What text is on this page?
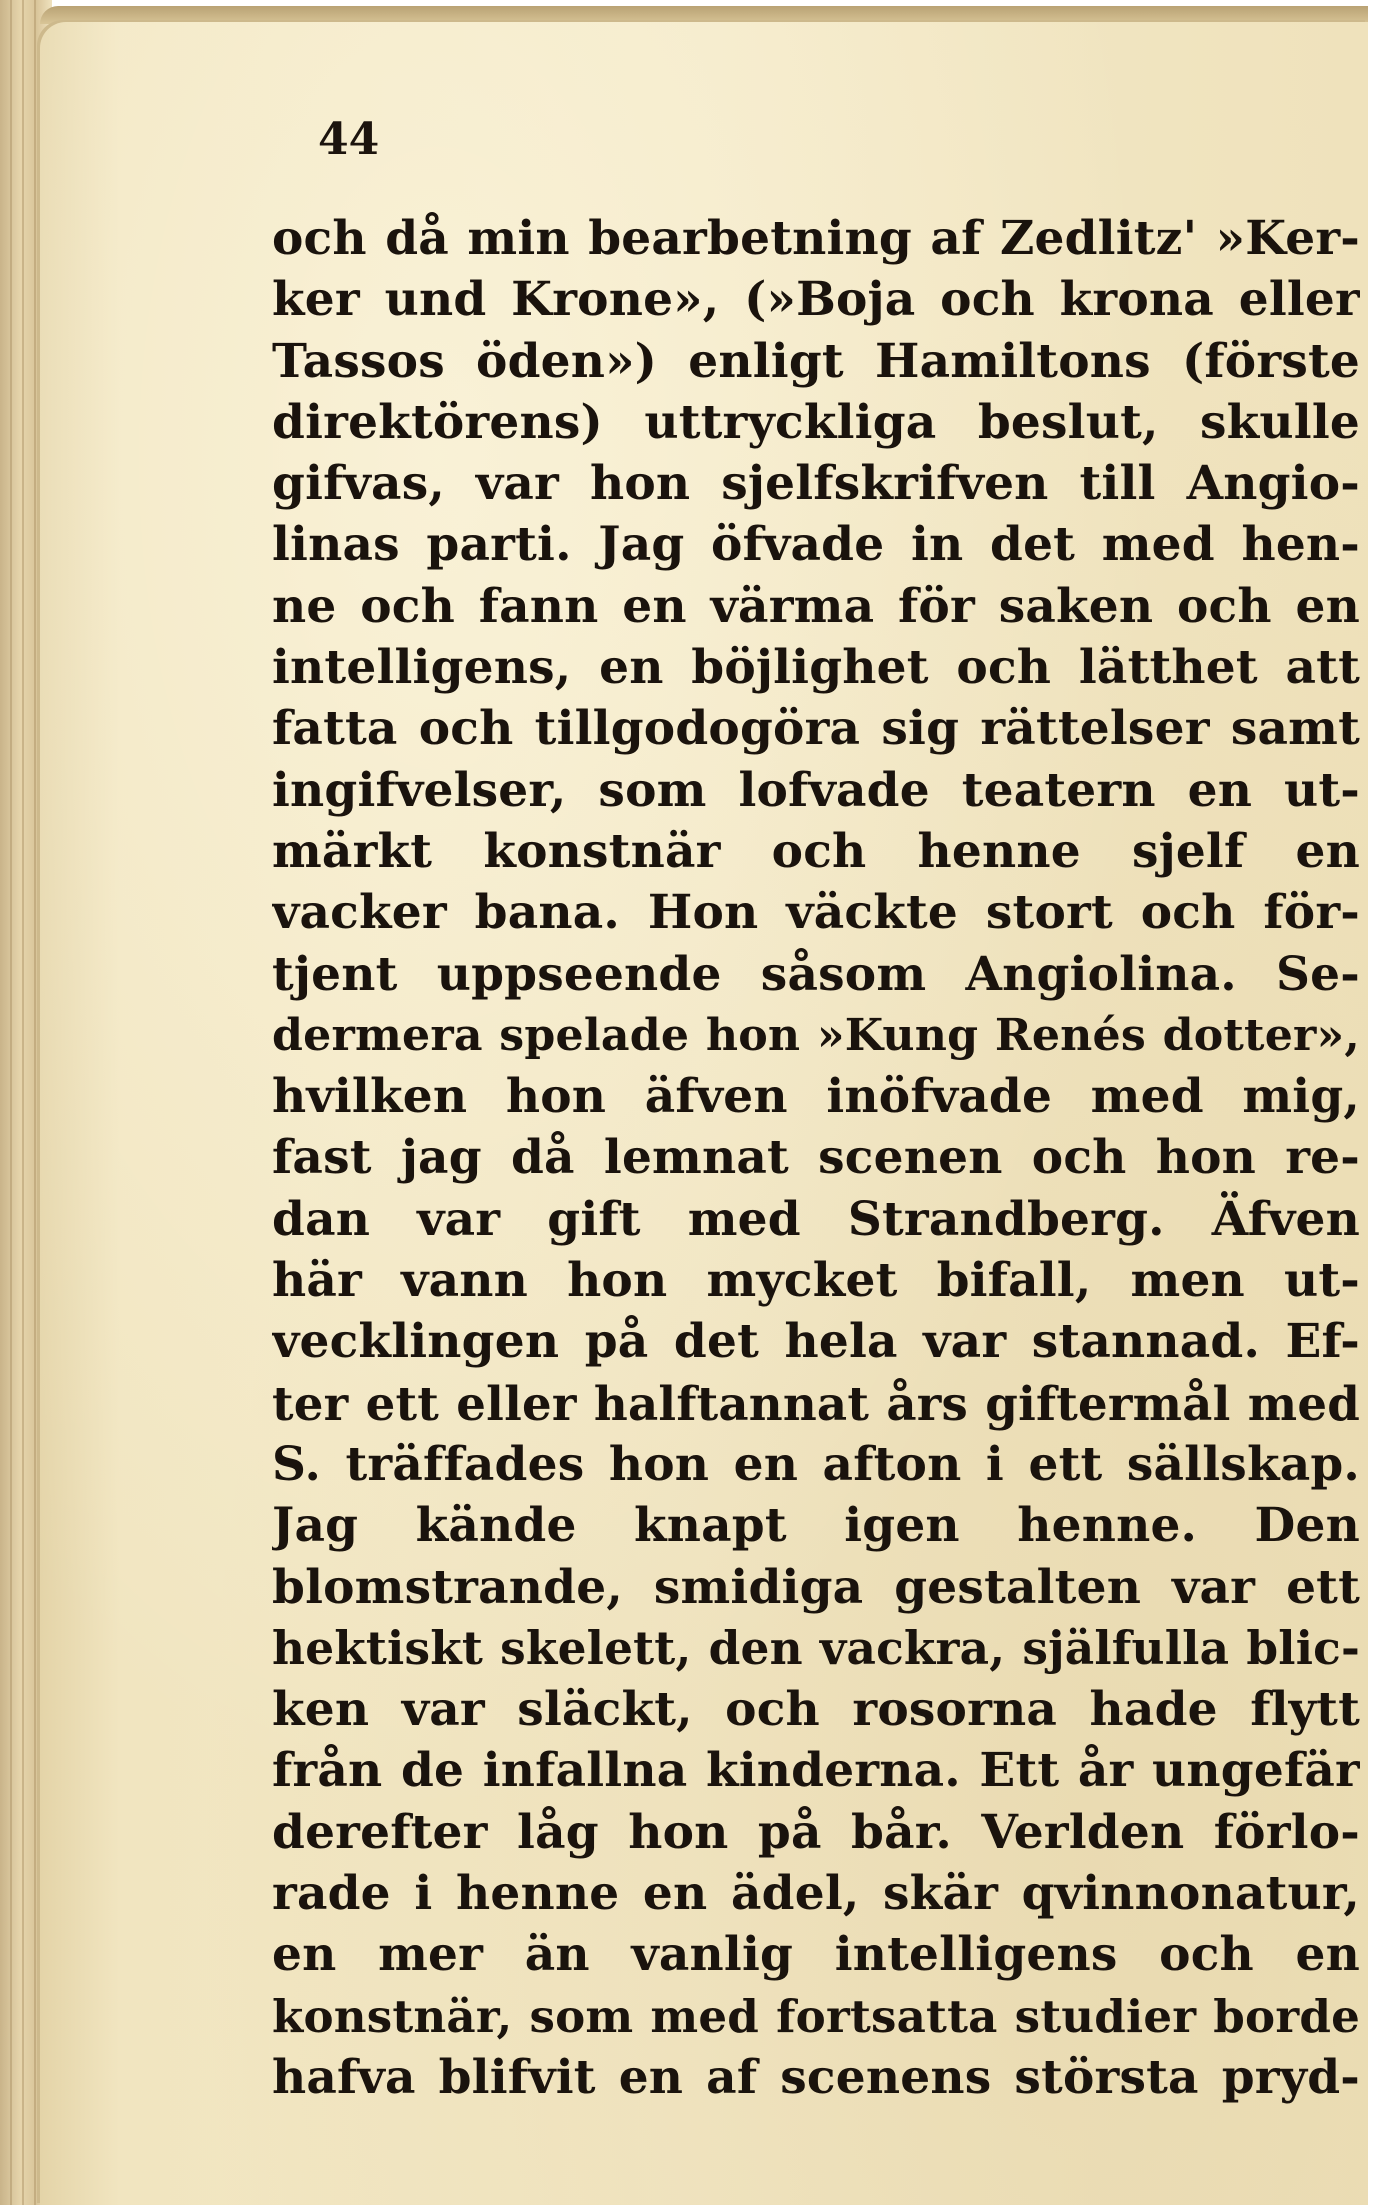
44
och då min bearbetning af Zedlitz' »Ker-
ker und Krone», (»Boja och krona eller
Tassos öden») enligt Hamiltons (förste
direktörens) uttryckliga beslut, skulle
gifvas, var hon sjelfskrifven till Angio-
linas parti. Jag öfvade in det med hen-
ne och fann en värma för saken och en
intelligens, en böjlighet och lätthet att
fatta och tillgodogöra sig rättelser samt
ingifvelser, som lofvade teatern en ut-
märkt konstnär och henne sjelf en
vacker bana. Hon väckte stort och för-
tjent uppseende såsom Angiolina. Se-
dermera spelade hon »Kung Renés dotter»,
hvilken hon äfven inöfvade med mig,
fast jag då lemnat scenen och hon re-
dan var gift med Strandberg. Äfven
här vann hon mycket bifall, men ut-
vecklingen på det hela var stannad. Ef-
ter ett eller halftannat års giftermål med
S. träffades hon en afton i ett sällskap.
Jag kände knapt igen henne. Den
blomstrande, smidiga gestalten var ett
hektiskt skelett, den vackra, själfulla blic-
ken var släckt, och rosorna hade flytt
från de infallna kinderna. Ett år ungefär
derefter låg hon på bår. Verlden förlo-
rade i henne en ädel, skär qvinnonatur,
en mer än vanlig intelligens och en
konstnär, som med fortsatta studier borde
hafva blifvit en af scenens största pryd-
